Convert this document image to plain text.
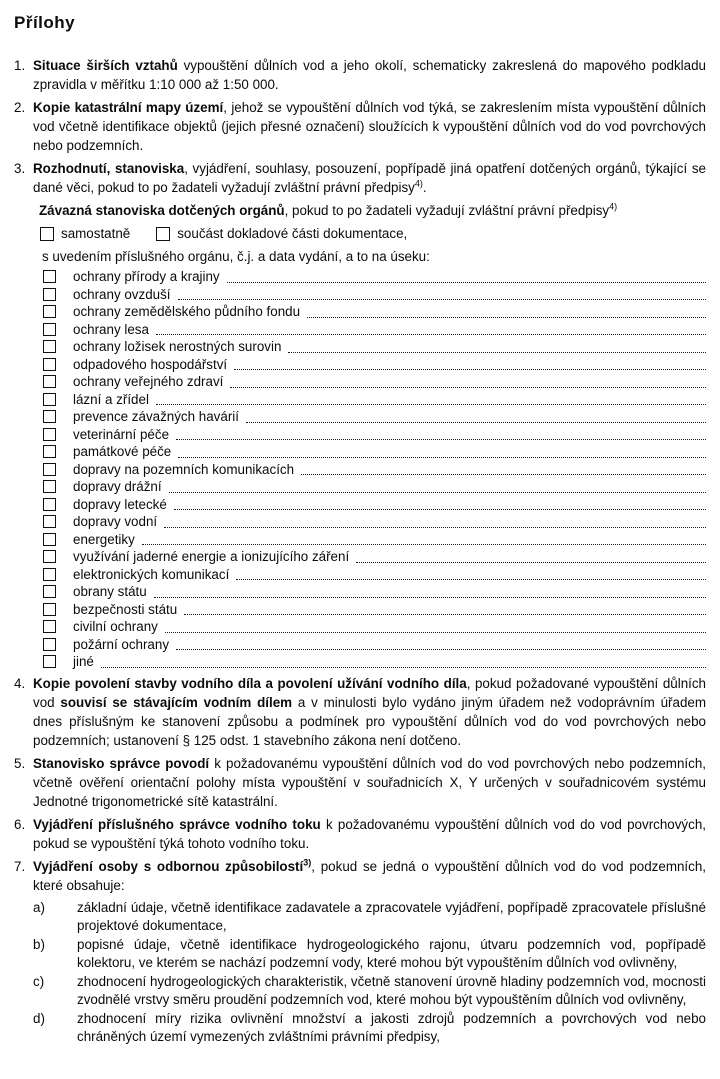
Přílohy
1. Situace širších vztahů vypouštění důlních vod a jeho okolí, schematicky zakreslená do mapového podkladu zpravidla v měřítku 1:10 000 až 1:50 000.
2. Kopie katastrální mapy území, jehož se vypouštění důlních vod týká, se zakreslením místa vypouštění důlních vod včetně identifikace objektů (jejich přesné označení) sloužících k vypouštění důlních vod do vod povrchových nebo podzemních.
3. Rozhodnutí, stanoviska, vyjádření, souhlasy, posouzení, popřípadě jiná opatření dotčených orgánů, týkající se dané věci, pokud to po žadateli vyžadují zvláštní právní předpisy$^{4)}$.
Závazná stanoviska dotčených orgánů, pokud to po žadateli vyžadují zvláštní právní předpisy$^{4)}$
samostatně	součást dokladové části dokumentace,
s uvedením příslušného orgánu, č.j. a data vydání, a to na úseku:
ochrany přírody a krajiny
ochrany ovzduší
ochrany zemědělského půdního fondu
ochrany lesa
ochrany ložisek nerostných surovin
odpadového hospodářství
ochrany veřejného zdraví
lázní a zřídel
prevence závažných havárií
veterinární péče
památkové péče
dopravy na pozemních komunikacích
dopravy drážní
dopravy letecké
dopravy vodní
energetiky
využívání jaderné energie a ionizujícího záření
elektronických komunikací
obrany státu
bezpečnosti státu
civilní ochrany
požární ochrany
jiné
4. Kopie povolení stavby vodního díla a povolení užívání vodního díla, pokud požadované vypouštění důlních vod souvisí se stávajícím vodním dílem a v minulosti bylo vydáno jiným úřadem než vodoprávním úřadem dnes příslušným ke stanovení způsobu a podmínek pro vypouštění důlních vod do vod povrchových nebo podzemních; ustanovení § 125 odst. 1 stavebního zákona není dotčeno.
5. Stanovisko správce povodí k požadovanému vypouštění důlních vod do vod povrchových nebo podzemních, včetně ověření orientační polohy místa vypouštění v souřadnicích X, Y určených v souřadnicovém systému Jednotné trigonometrické sítě katastrální.
6. Vyjádření příslušného správce vodního toku k požadovanému vypouštění důlních vod do vod povrchových, pokud se vypouštění týká tohoto vodního toku.
7. Vyjádření osoby s odbornou způsobilostí$^{3)}$, pokud se jedná o vypouštění důlních vod do vod podzemních, které obsahuje:
a)	základní údaje, včetně identifikace zadavatele a zpracovatele vyjádření, popřípadě zpracovatele příslušné projektové dokumentace,
b)	popisné údaje, včetně identifikace hydrogeologického rajonu, útvaru podzemních vod, popřípadě kolektoru, ve kterém se nachází podzemní vody, které mohou být vypouštěním důlních vod ovlivněny,
c)	zhodnocení hydrogeologických charakteristik, včetně stanovení úrovně hladiny podzemních vod, mocnosti zvodnělé vrstvy směru proudění podzemních vod, které mohou být vypouštěním důlních vod ovlivněny,
d)	zhodnocení míry rizika ovlivnění množství a jakosti zdrojů podzemních a povrchových vod nebo chráněných území vymezených zvláštními právními předpisy,
